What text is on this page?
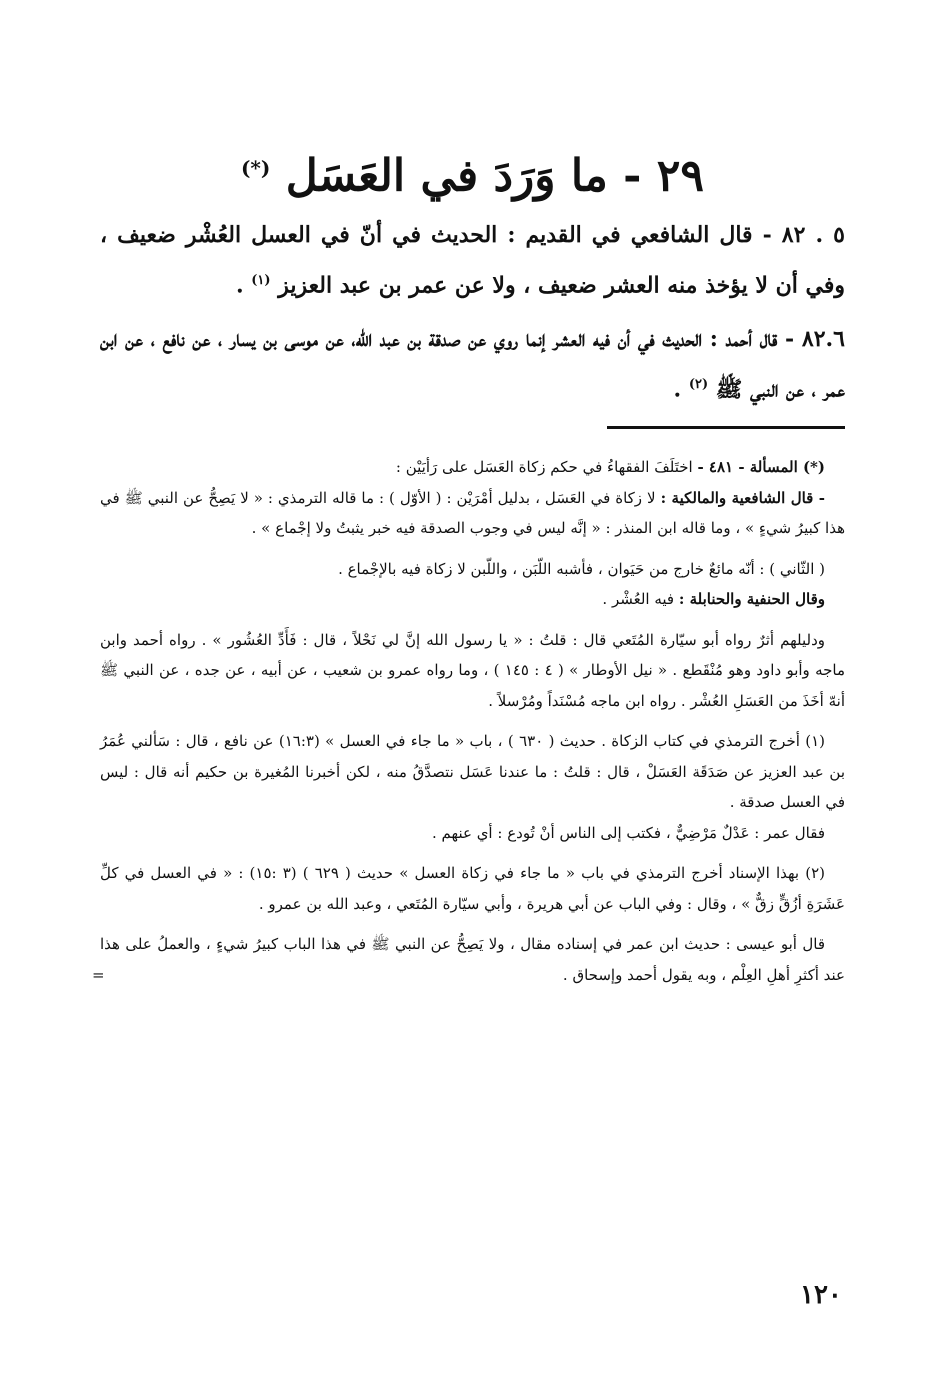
٢٩ - ما وَرَدَ في العَسَل (*)

٥ . ٨٢ - قال الشافعي في القديم : الحديث في أنّ في العسل العُشْر ضعيف ، وفي أن لا يؤخذ منه العشر ضعيف ، ولا عن عمر بن عبد العزيز $^{(١)}$ .

٨٢.٦ - قال أحمد : الحديث في أن فيه العشر إنما روي عن صدقة بن عبد الله، عن موسى بن يسار ، عن نافع ، عن ابن عمر ، عن النبي ﷺ $^{(٢)}$ .

(*) المسألة - ٤٨١ - اختَلَفَ الفقهاءُ في حكم زكاة العَسَل على رَأيَيْن :

- قال الشافعية والمالكية : لا زكاة في العَسَل ، بدليل أمْرَيْن : ( الأوّل ) : ما قاله الترمذي : « لا يَصِحُّ عن النبي ﷺ في هذا كبيرُ شيءٍ » ، وما قاله ابن المنذر : « إنَّه ليس في وجوب الصدقة فيه خبر يثبتُ ولا إجْماع » .

( الثّاني ) : أنّه مائعٌ خارج من حَيَوان ، فأشبه اللّبَن ، واللّبن لا زكاة فيه بالإجْماع .

وقال الحنفية والحنابلة : فيه العُشْر .

ودليلهم أثرٌ رواه أبو سيّارة المُتَعي قال : قلتُ : « يا رسول الله إنَّ لي نَحْلاً ، قال : فَأَدِّ العُشُور » . رواه أحمد وابن ماجه وأبو داود وهو مُنْقَطع . « نيل الأوطار » ( ٤ : ١٤٥ ) ، وما رواه عمرو بن شعيب ، عن أبيه ، عن جده ، عن النبي ﷺ أنهّ أخَذَ من العَسَلِ العُشْر . رواه ابن ماجه مُسْنَداً ومُرْسلاً .

(١) أخرج الترمذي في كتاب الزكاة . حديث ( ٦٣٠ ) ، باب « ما جاء في العسل » (١٦:٣) عن نافع ، قال : سَألني عُمَرُ بن عبد العزيز عن صَدَقَة العَسَلْ ، قال : قلتُ : ما عندنا عَسَل نتصدَّقُ منه ، لكن أخبرنا المُغيرة بن حكيم أنه قال : ليس في العسل صدقة .

فقال عمر : عَدْلٌ مَرْضِيٌّ ، فكتب إلى الناس أنْ تُودع : أي عنهم .

(٢) بهذا الإسناد أخرج الترمذي في باب « ما جاء في زكاة العسل » حديث ( ٦٢٩ ) (٣ :١٥) : « في العسل في كلِّ عَشَرَةِ أزُقٍّ زقٌّ » ، وقال : وفي الباب عن أبي هريرة ، وأبي سيّارة المُتَعي ، وعبد الله بن عمرو .

قال أبو عيسى : حديث ابن عمر في إسناده مقال ، ولا يَصِحُّ عن النبي ﷺ في هذا الباب كبيرُ شيءٍ ، والعملُ على هذا عند أكثرِ أهلِ العِلْم ، وبه يقول أحمد وإسحاق .
=

١٢٠
